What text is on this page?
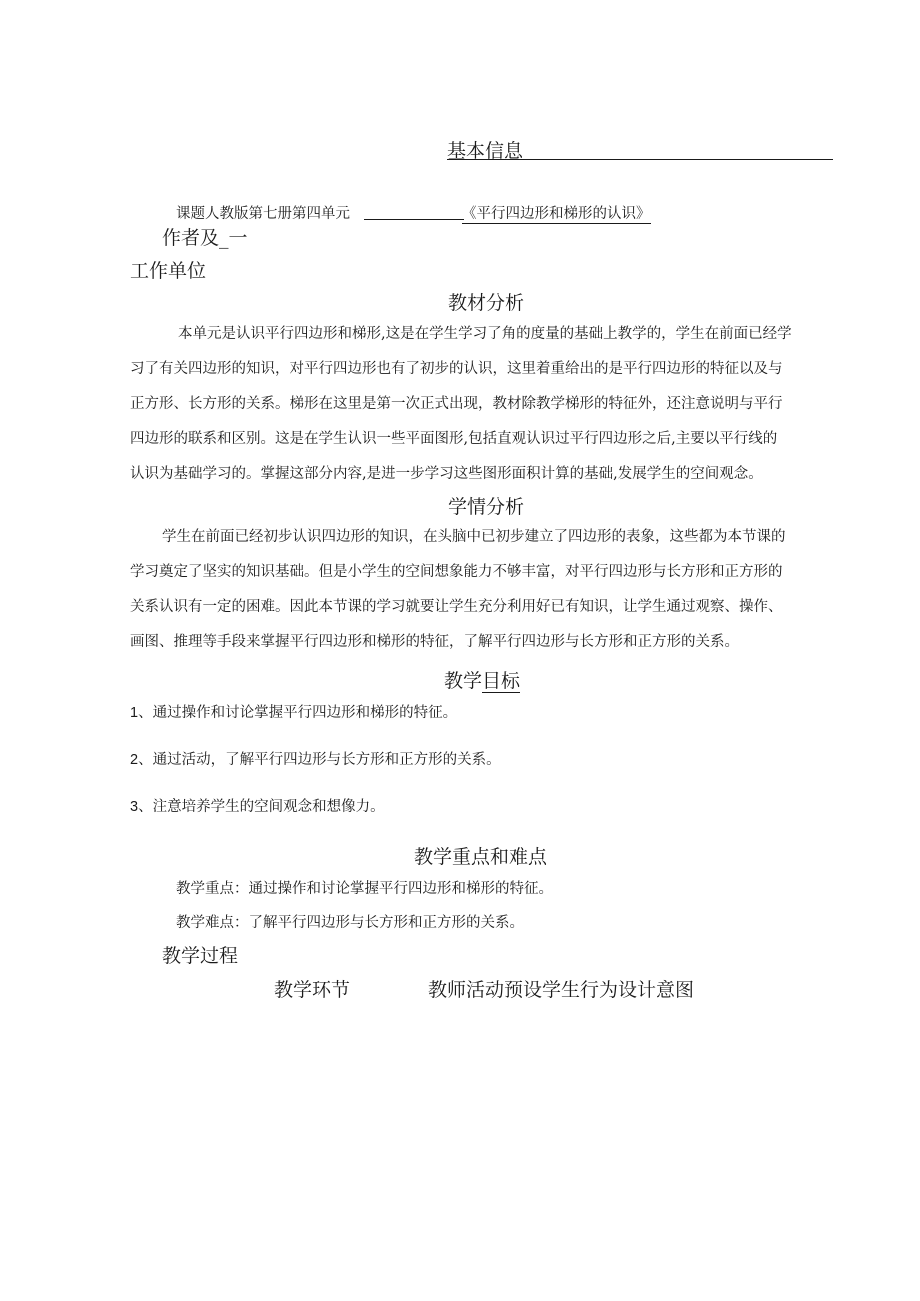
基本信息
课题人教版第七册第四单元	《平行四边形和梯形的认识》
作者及_一
工作单位
教材分析

本单元是认识平行四边形和梯形,这是在学生学习了角的度量的基础上教学的，学生在前面已经学

习了有关四边形的知识，对平行四边形也有了初步的认识，这里着重给出的是平行四边形的特征以及与

正方形、长方形的关系。梯形在这里是第一次正式出现，教材除教学梯形的特征外，还注意说明与平行

四边形的联系和区别。这是在学生认识一些平面图形,包括直观认识过平行四边形之后,主要以平行线的

认识为基础学习的。掌握这部分内容,是进一步学习这些图形面积计算的基础,发展学生的空间观念。

学情分析

学生在前面已经初步认识四边形的知识，在头脑中已初步建立了四边形的表象，这些都为本节课的

学习奠定了坚实的知识基础。但是小学生的空间想象能力不够丰富，对平行四边形与长方形和正方形的

关系认识有一定的困难。因此本节课的学习就要让学生充分利用好已有知识，让学生通过观察、操作、

画图、推理等手段来掌握平行四边形和梯形的特征，了解平行四边形与长方形和正方形的关系。

教学目标
1、通过操作和讨论掌握平行四边形和梯形的特征。
2、通过活动，了解平行四边形与长方形和正方形的关系。
3、注意培养学生的空间观念和想像力。
教学重点和难点
教学重点：通过操作和讨论掌握平行四边形和梯形的特征。
教学难点：了解平行四边形与长方形和正方形的关系。
教学过程
教学环节	教师活动预设学生行为设计意图
